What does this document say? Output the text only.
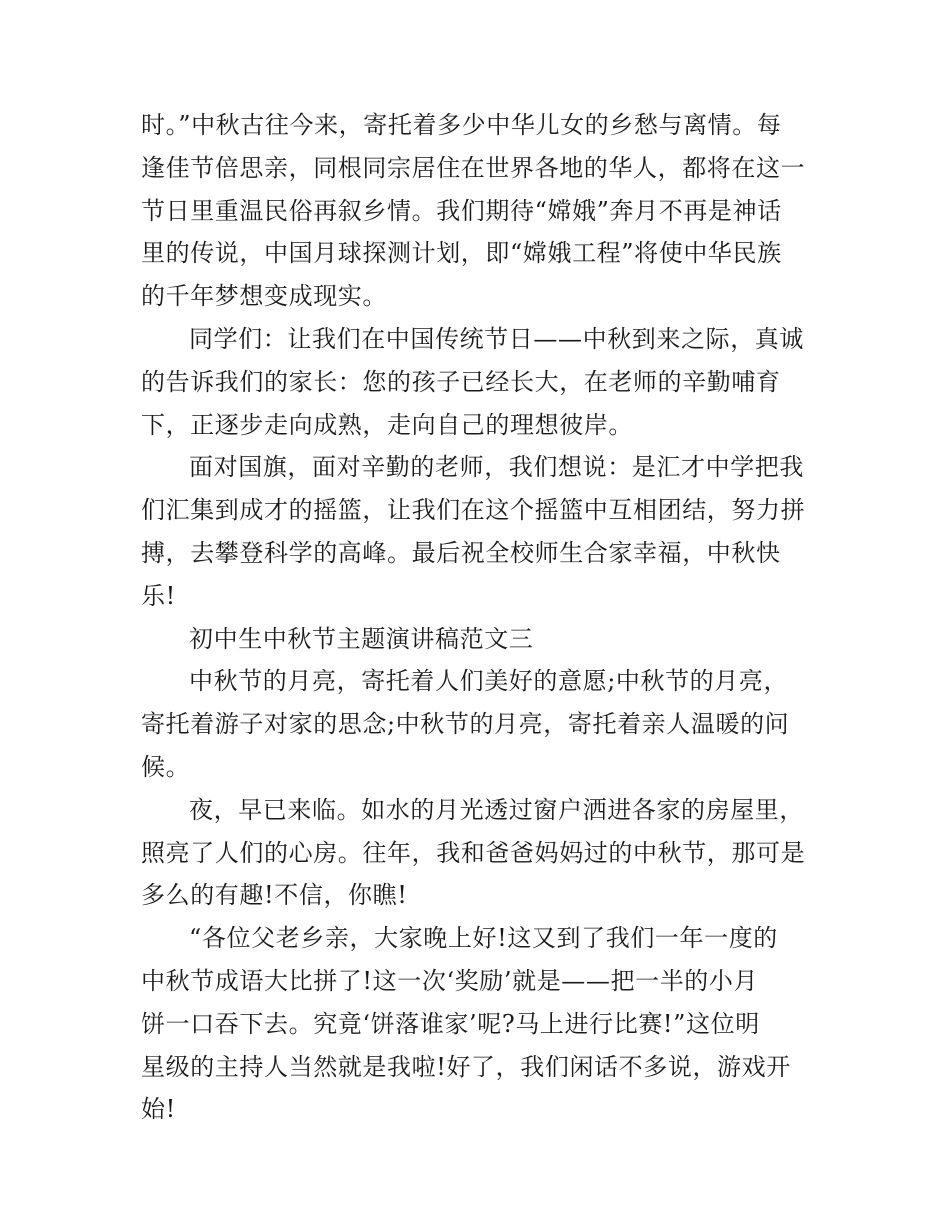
时。”中秋古往今来，寄托着多少中华儿女的乡愁与离情。每
逢佳节倍思亲，同根同宗居住在世界各地的华人，都将在这一
节日里重温民俗再叙乡情。我们期待“嫦娥”奔月不再是神话
里的传说，中国月球探测计划，即“嫦娥工程”将使中华民族
的千年梦想变成现实。
同学们：让我们在中国传统节日——中秋到来之际，真诚
的告诉我们的家长：您的孩子已经长大，在老师的辛勤哺育
下，正逐步走向成熟，走向自己的理想彼岸。
面对国旗，面对辛勤的老师，我们想说：是汇才中学把我
们汇集到成才的摇篮，让我们在这个摇篮中互相团结，努力拼
搏，去攀登科学的高峰。最后祝全校师生合家幸福，中秋快
乐!
初中生中秋节主题演讲稿范文三
中秋节的月亮，寄托着人们美好的意愿;中秋节的月亮，
寄托着游子对家的思念;中秋节的月亮，寄托着亲人温暖的问
候。
夜，早已来临。如水的月光透过窗户洒进各家的房屋里，
照亮了人们的心房。往年，我和爸爸妈妈过的中秋节，那可是
多么的有趣!不信，你瞧!
“各位父老乡亲，大家晚上好!这又到了我们一年一度的
中秋节成语大比拼了!这一次‘奖励’就是——把一半的小月
饼一口吞下去。究竟‘饼落谁家’呢?马上进行比赛!”这位明
星级的主持人当然就是我啦!好了，我们闲话不多说，游戏开
始!
